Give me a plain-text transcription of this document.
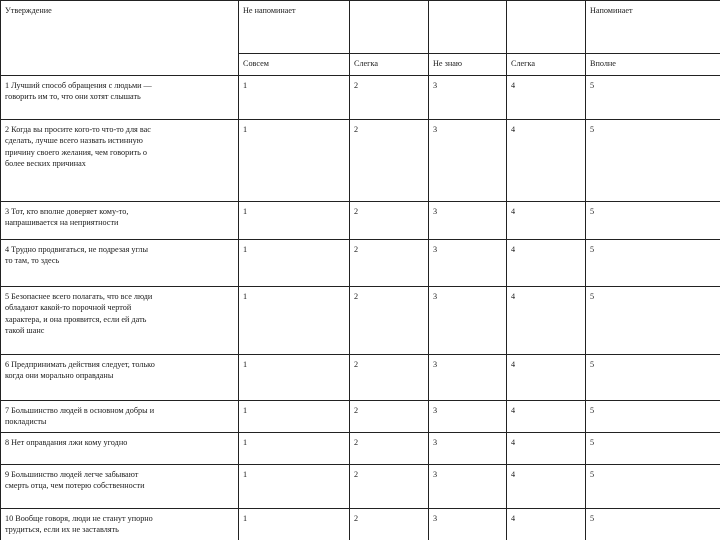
Утверждение	Не напоминает				Напоминает

	Совсем	Слегка	Не знаю	Слегка	Вполне

1 Лучший способ обращения с людьми — говорить им то, что они хотят слышать	1	2	3	4	5

2 Когда вы просите кого-то что-то для вас сделать, лучше всего назвать истинную причину своего желания, чем говорить о более веских причинах	1	2	3	4	5

3 Тот, кто вполне доверяет кому-то, напрашивается на неприятности	1	2	3	4	5

4 Трудно продвигаться, не подрезая углы то там, то здесь	1	2	3	4	5

5 Безопаснее всего полагать, что все люди обладают какой-то порочной чертой характера, и она проявится, если ей дать такой шанс	1	2	3	4	5

6 Предпринимать действия следует, только когда они морально оправданы	1	2	3	4	5

7 Большинство людей в основном добры и покладисты	1	2	3	4	5

8 Нет оправдания лжи кому угодно	1	2	3	4	5

9 Большинство людей легче забывают смерть отца, чем потерю собственности	1	2	3	4	5

10 Вообще говоря, люди не станут упорно трудиться, если их не заставлять	1	2	3	4	5
